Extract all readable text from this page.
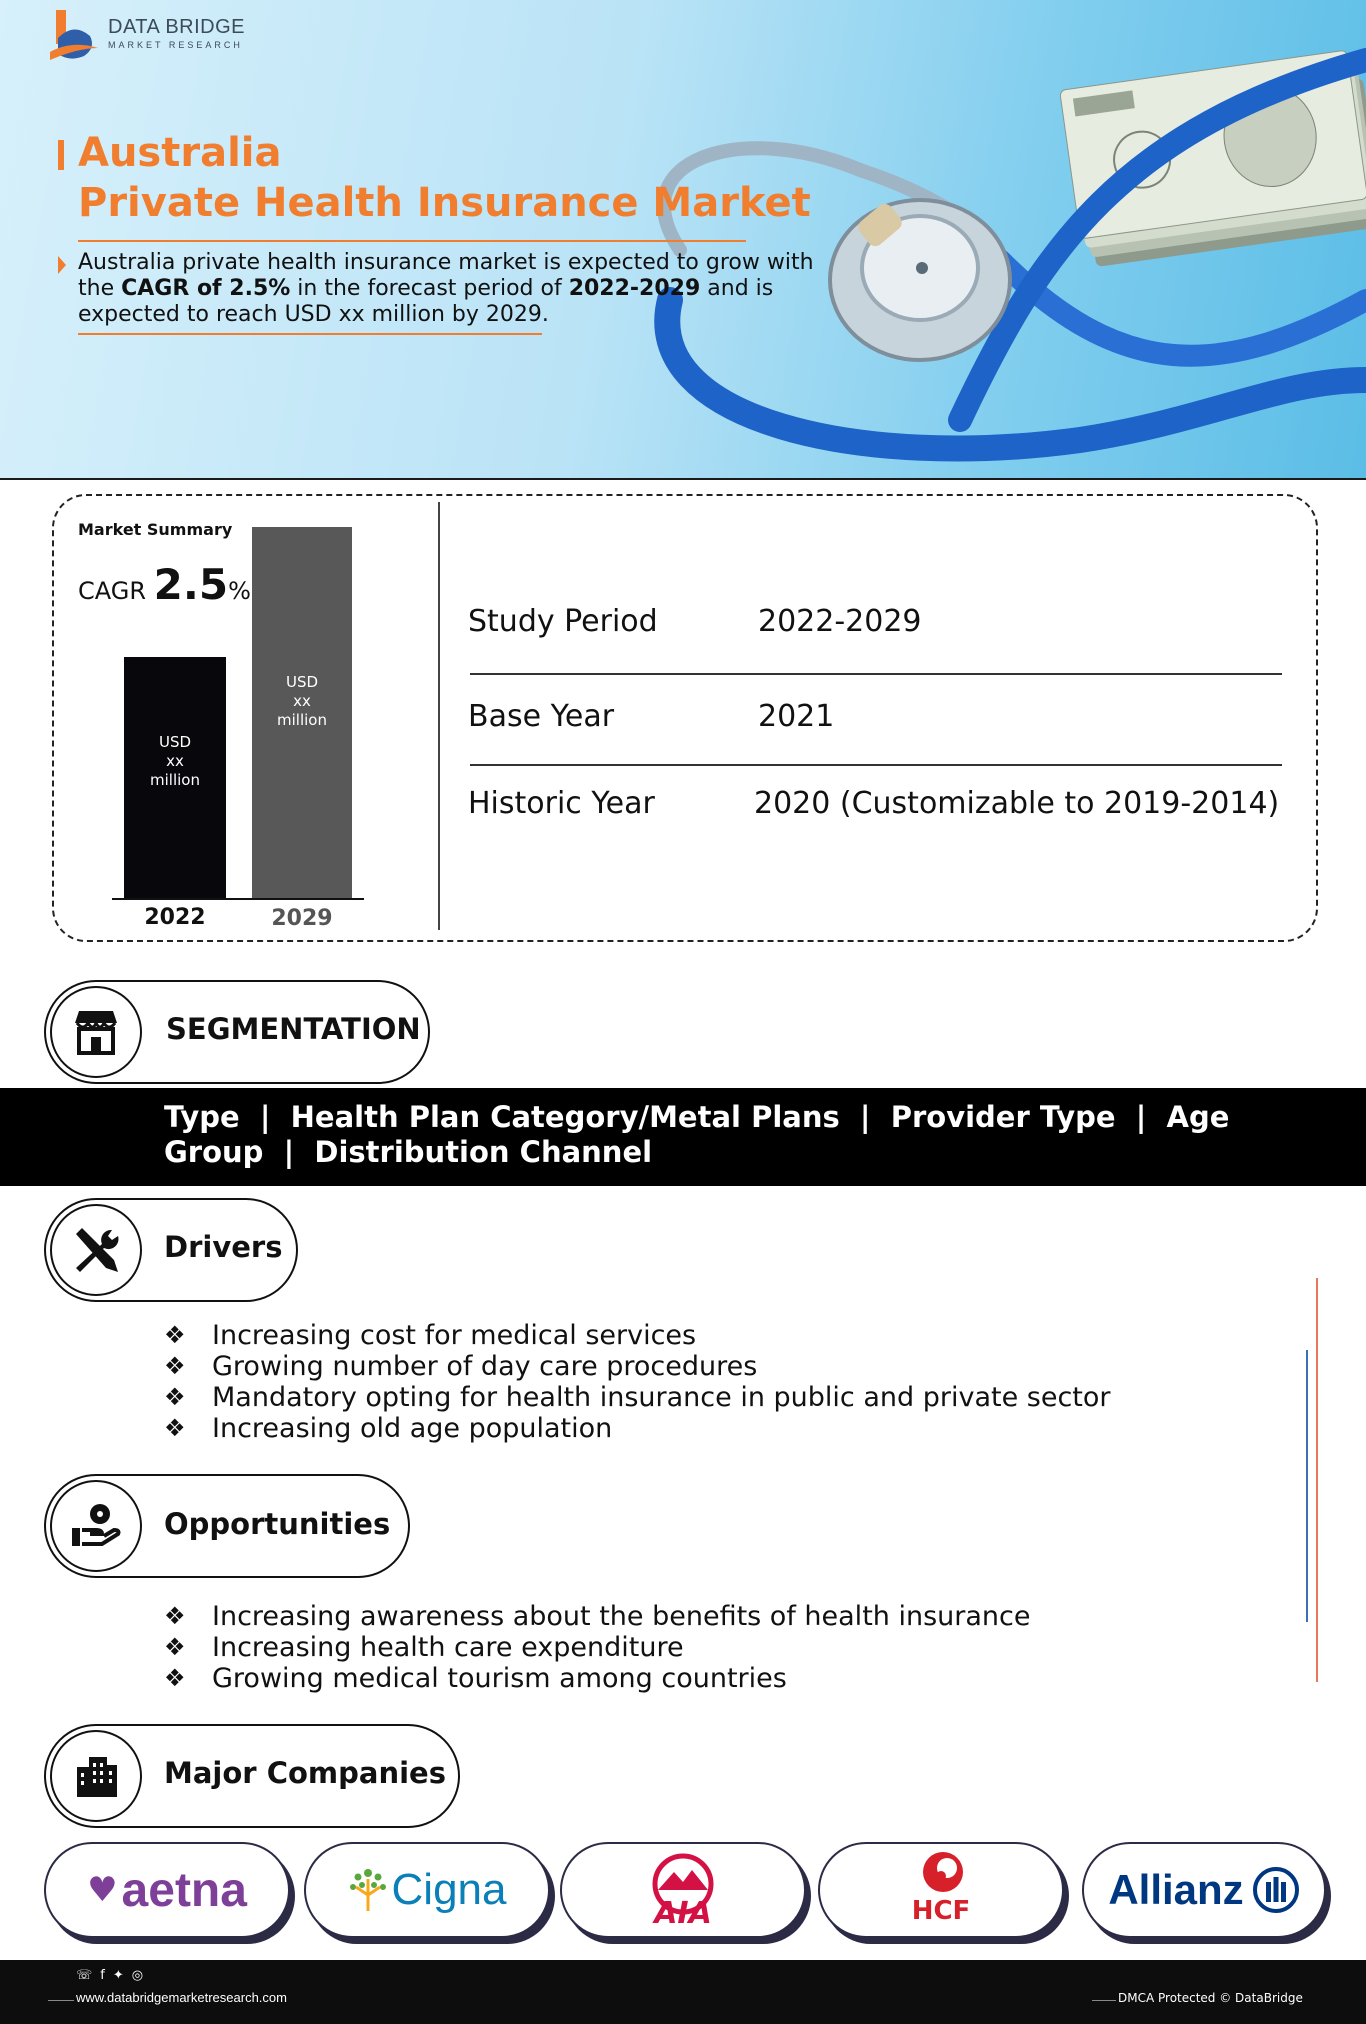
DATA BRIDGE
MARKET RESEARCH
Australia
Private Health Insurance Market
Australia private health insurance market is expected to grow with the CAGR of 2.5% in the forecast period of 2022-2029 and is expected to reach USD xx million by 2029.
Market Summary
CAGR 2.5%
USD
xx
million
USD
xx
million
2022	2029
Study Period	2022-2029
Base Year	2021
Historic Year	2020 (Customizable to 2019-2014)
SEGMENTATION
Type  |  Health Plan Category/Metal Plans  |  Provider Type  |  Age Group  |  Distribution Channel
Drivers
❖ Increasing cost for medical services
❖ Growing number of day care procedures
❖ Mandatory opting for health insurance in public and private sector
❖ Increasing old age population
Opportunities
❖ Increasing awareness about the benefits of health insurance
❖ Increasing health care expenditure
❖ Growing medical tourism among countries
Major Companies
♥ aetna	Cigna	AIA	HCF	Allianz
☏f✦◎
www.databridgemarketresearch.com	DMCA Protected © DataBridge
